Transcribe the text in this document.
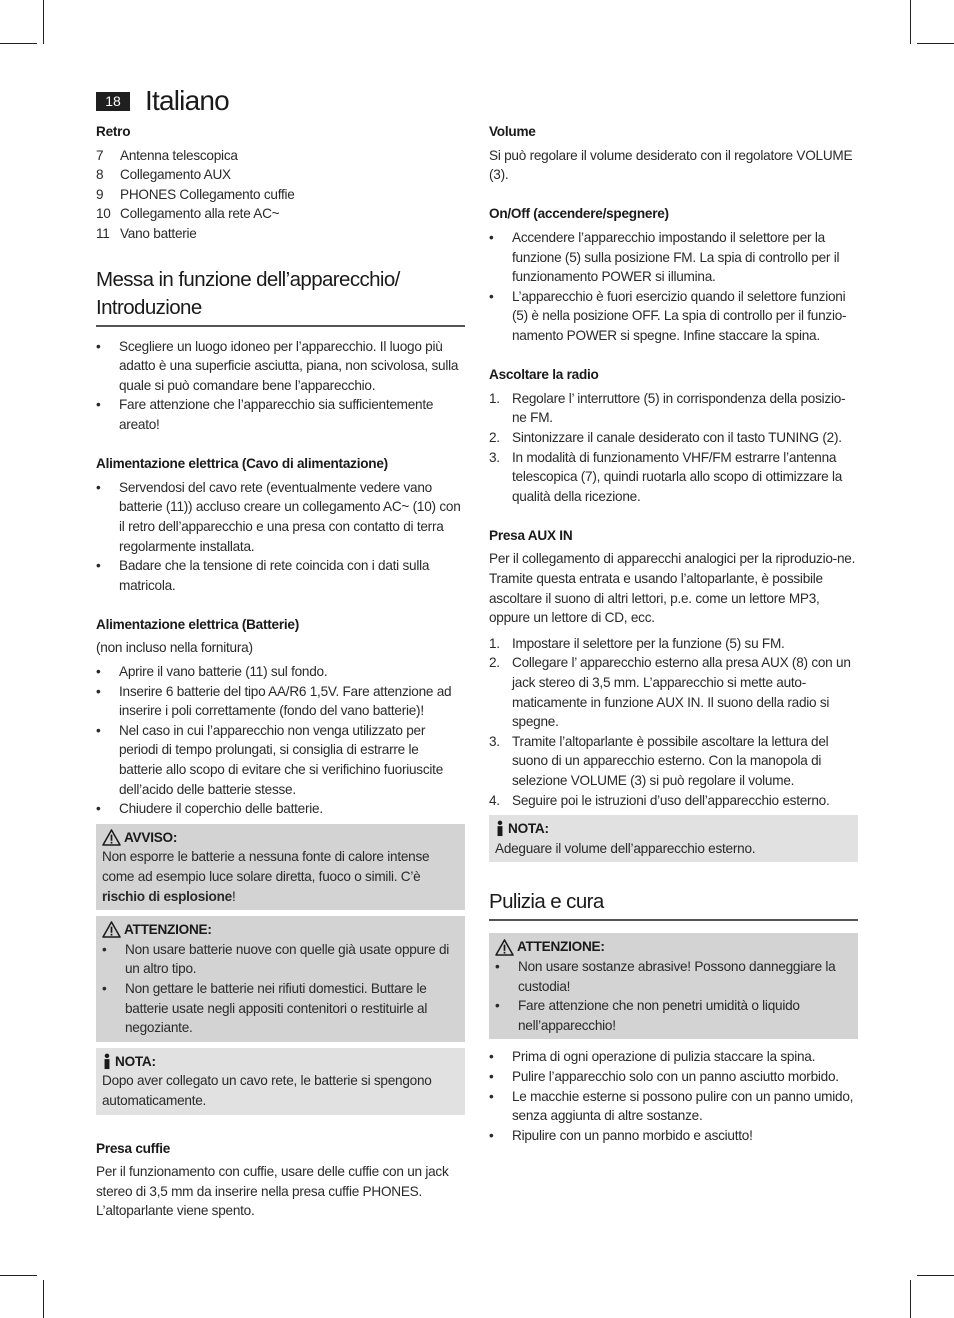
18 Italiano

Retro

7	Antenna telescopica
8	Collegamento AUX
9	PHONES Collegamento cuffie
10 Collegamento alla rete AC~
11 Vano batterie
Messa in funzione dell’apparecchio/
Introduzione
• Scegliere un luogo idoneo per l’apparecchio. Il luogo più adatto è una superficie asciutta, piana, non scivolosa, sulla quale si può comandare bene l’apparecchio.
• Fare attenzione che l’apparecchio sia sufficientemente areato!

Alimentazione elettrica (Cavo di alimentazione)

• Servendosi del cavo rete (eventualmente vedere vano batterie (11)) accluso creare un collegamento AC~ (10) con il retro dell’apparecchio e una presa con contatto di terra regolarmente installata.
• Badare che la tensione di rete coincida con i dati sulla matricola.

Alimentazione elettrica (Batterie)

(non incluso nella fornitura)

• Aprire il vano batterie (11) sul fondo.
• Inserire 6 batterie del tipo AA/R6 1,5V. Fare attenzione ad inserire i poli correttamente (fondo del vano batterie)!
• Nel caso in cui l’apparecchio non venga utilizzato per periodi di tempo prolungati, si consiglia di estrarre le batterie allo scopo di evitare che si verifichino fuoriuscite dell’acido delle batterie stesse.
• Chiudere il coperchio delle batterie.
AVVISO:

Non esporre le batterie a nessuna fonte di calore intense come ad esempio luce solare diretta, fuoco o simili. C’è rischio di esplosione!

ATTENZIONE:
• Non usare batterie nuove con quelle già usate oppure di un altro tipo.
• Non gettare le batterie nei rifiuti domestici. Buttare le batterie usate negli appositi contenitori o restituirle al negoziante.
NOTA:

Dopo aver collegato un cavo rete, le batterie si spengono automaticamente.

Presa cuffie

Per il funzionamento con cuffie, usare delle cuffie con un jack stereo di 3,5 mm da inserire nella presa cuffie PHONES. L’altoparlante viene spento.

Volume

Si può regolare il volume desiderato con il regolatore VOLUME (3).

On/Off (accendere/spegnere)

• Accendere l’apparecchio impostando il selettore per la funzione (5) sulla posizione FM. La spia di controllo per il funzionamento POWER si illumina.
• L’apparecchio è fuori esercizio quando il selettore funzioni (5) è nella posizione OFF. La spia di controllo per il funzio-namento POWER si spegne. Infine staccare la spina.

Ascoltare la radio

1. Regolare l’ interruttore (5) in corrispondenza della posizio-ne FM.
2. Sintonizzare il canale desiderato con il tasto TUNING (2).
3. In modalità di funzionamento VHF/FM estrarre l’antenna telescopica (7), quindi ruotarla allo scopo di ottimizzare la qualità della ricezione.

Presa AUX IN

Per il collegamento di apparecchi analogici per la riproduzio-ne. Tramite questa entrata e usando l’altoparlante, è possibile ascoltare il suono di altri lettori, p.e. come un lettore MP3, oppure un lettore di CD, ecc.

1. Impostare il selettore per la funzione (5) su FM.
2. Collegare l’ apparecchio esterno alla presa AUX (8) con un jack stereo di 3,5 mm. L’apparecchio si mette auto-maticamente in funzione AUX IN. Il suono della radio si spegne.
3. Tramite l’altoparlante è possibile ascoltare la lettura del suono di un apparecchio esterno. Con la manopola di selezione VOLUME (3) si può regolare il volume.
4. Seguire poi le istruzioni d’uso dell’apparecchio esterno.
NOTA:

Adeguare il volume dell’apparecchio esterno.

Pulizia e cura
ATTENZIONE:
• Non usare sostanze abrasive! Possono danneggiare la custodia!
• Fare attenzione che non penetri umidità o liquido nell’apparecchio!
• Prima di ogni operazione di pulizia staccare la spina.
• Pulire l’apparecchio solo con un panno asciutto morbido.
• Le macchie esterne si possono pulire con un panno umido, senza aggiunta di altre sostanze.
• Ripulire con un panno morbido e asciutto!
